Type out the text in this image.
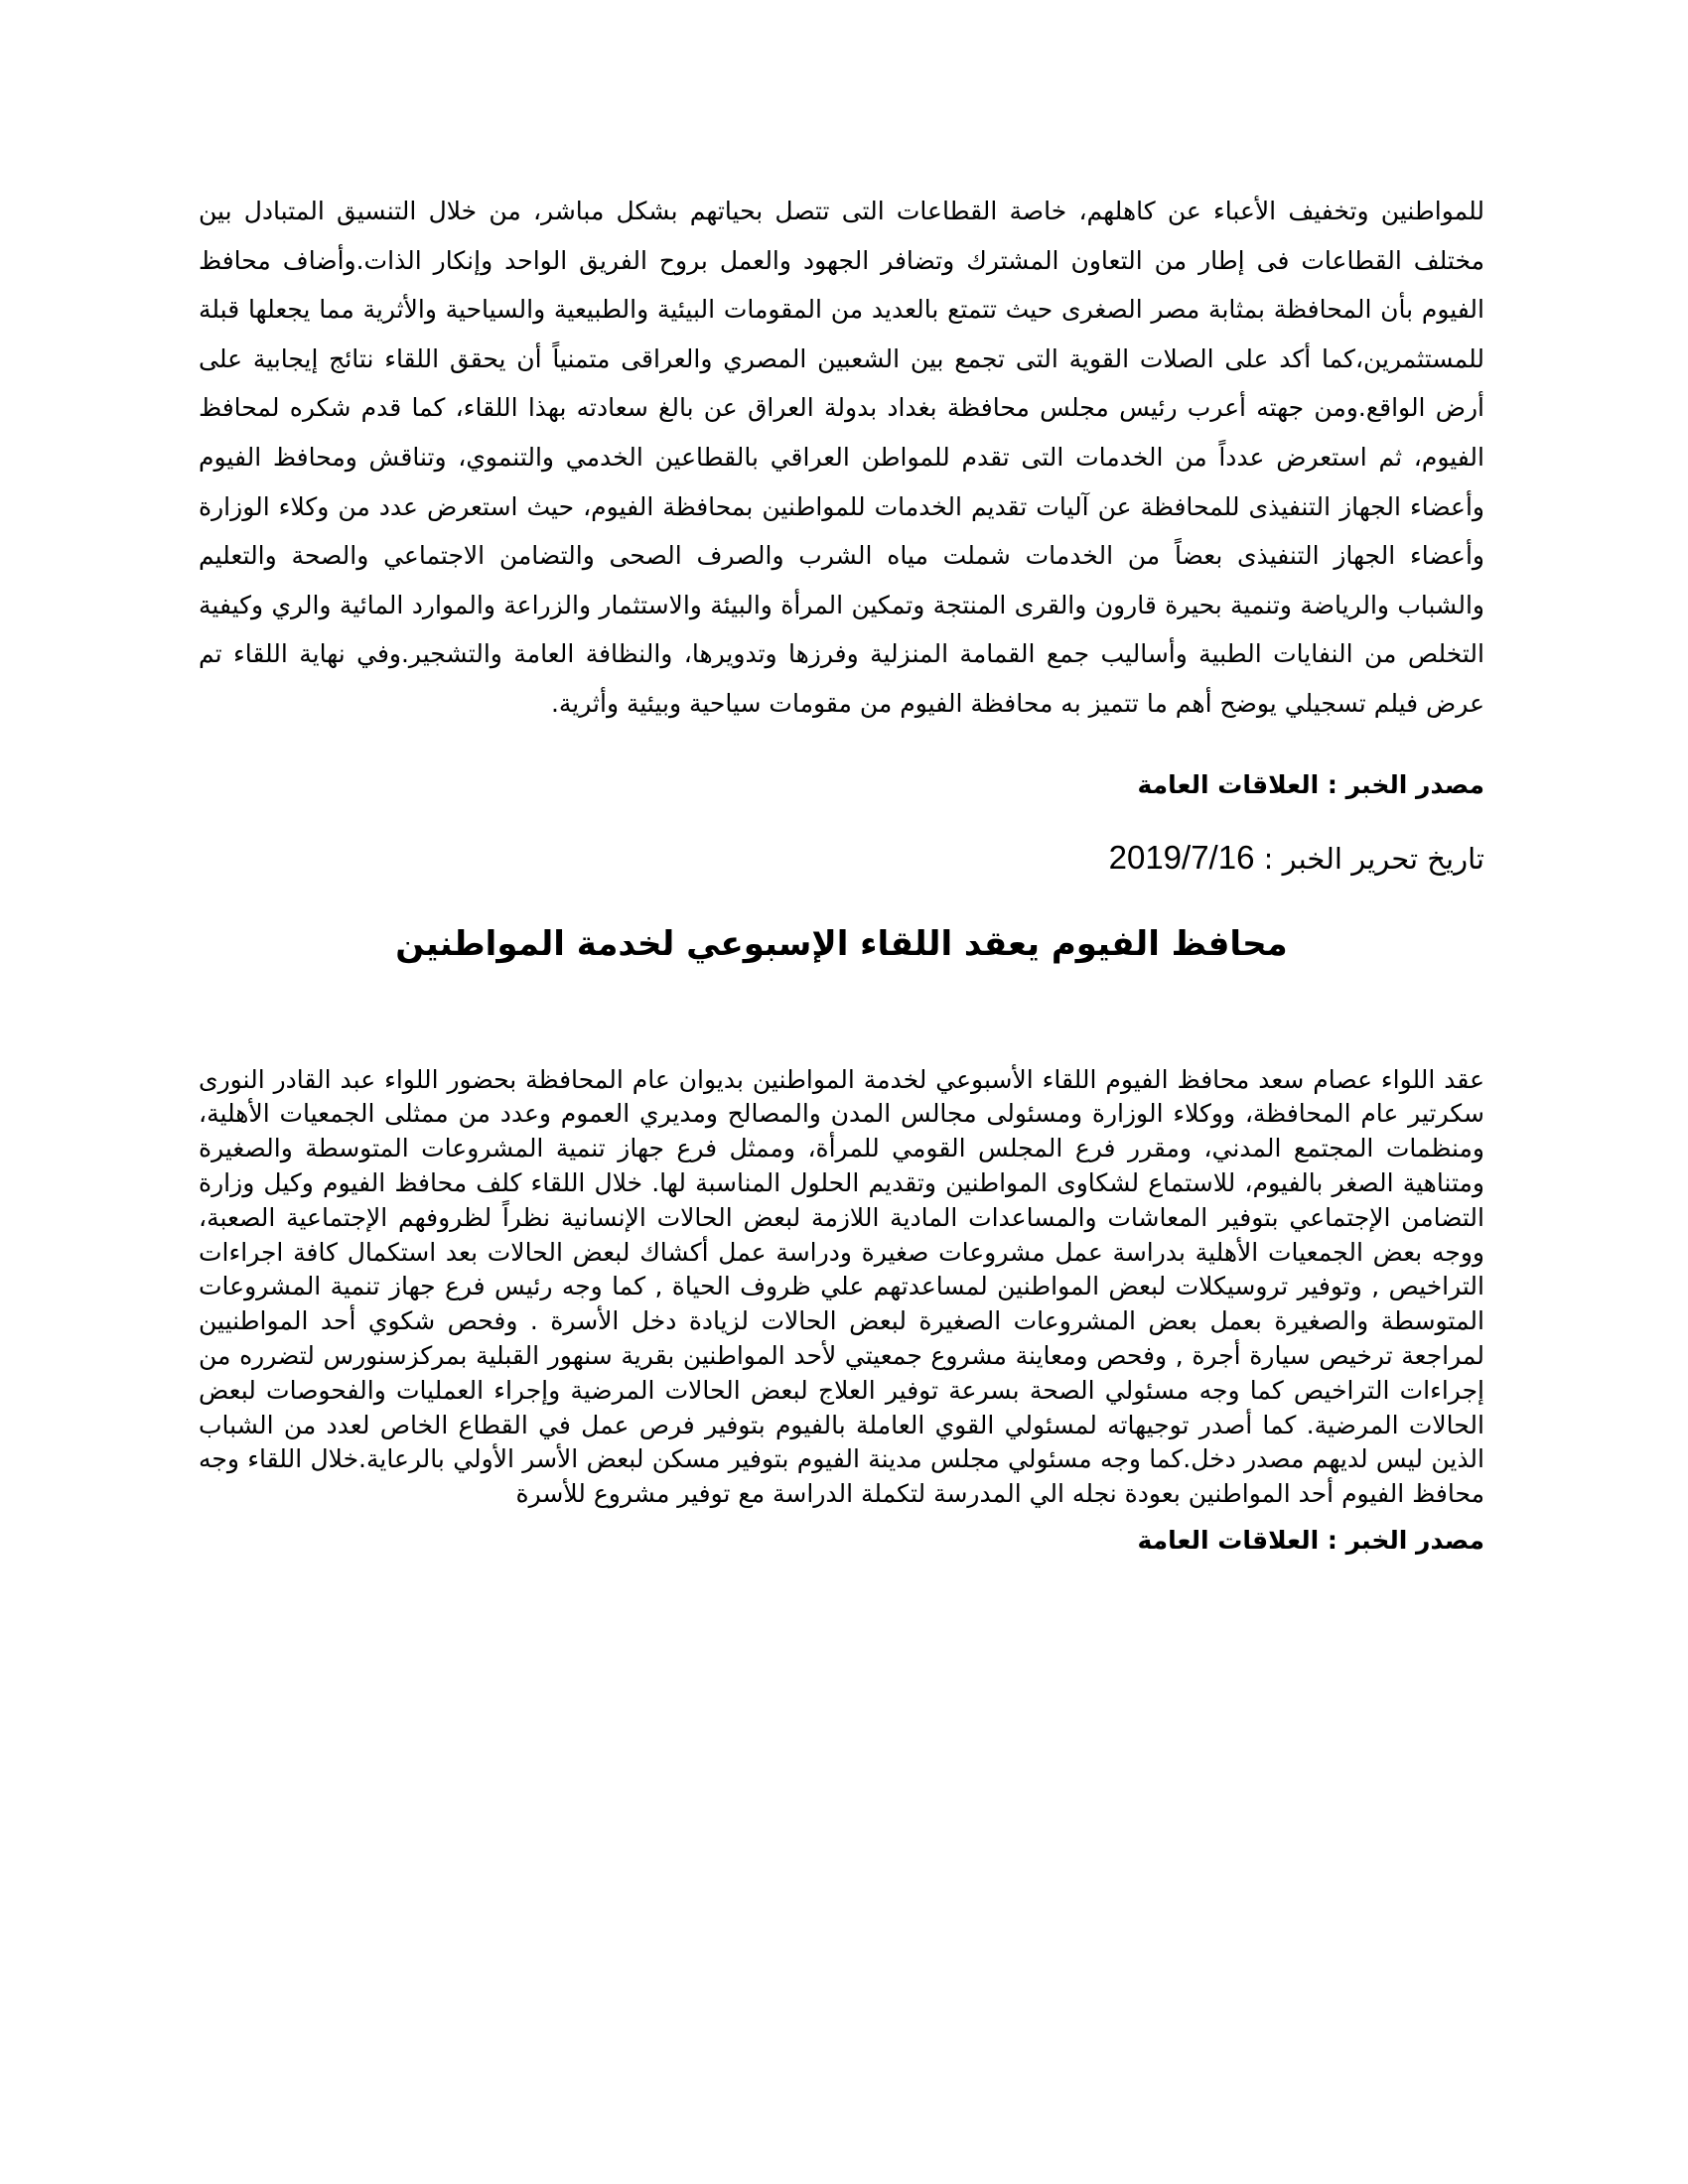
للمواطنين وتخفيف الأعباء عن كاهلهم، خاصة القطاعات التى تتصل بحياتهم بشكل مباشر، من خلال التنسيق المتبادل بين مختلف القطاعات فى إطار من التعاون المشترك وتضافر الجهود والعمل بروح الفريق الواحد وإنكار الذات.وأضاف محافظ الفيوم بأن المحافظة بمثابة مصر الصغرى حيث تتمتع بالعديد من المقومات البيئية والطبيعية والسياحية والأثرية مما يجعلها قبلة للمستثمرين،كما أكد على الصلات القوية التى تجمع بين الشعبين المصري والعراقى متمنياً أن يحقق اللقاء نتائج إيجابية على أرض الواقع.ومن جهته أعرب رئيس مجلس محافظة بغداد بدولة العراق عن بالغ سعادته بهذا اللقاء، كما قدم شكره لمحافظ الفيوم، ثم استعرض عدداً من الخدمات التى تقدم للمواطن العراقي بالقطاعين الخدمي والتنموي، وتناقش ومحافظ الفيوم وأعضاء الجهاز التنفيذى للمحافظة عن آليات تقديم الخدمات للمواطنين بمحافظة الفيوم، حيث استعرض عدد من وكلاء الوزارة وأعضاء الجهاز التنفيذى بعضاً من الخدمات شملت مياه الشرب والصرف الصحى والتضامن الاجتماعي والصحة والتعليم والشباب والرياضة وتنمية بحيرة قارون والقرى المنتجة وتمكين المرأة والبيئة والاستثمار والزراعة والموارد المائية والري وكيفية التخلص من النفايات الطبية وأساليب جمع القمامة المنزلية وفرزها وتدويرها، والنظافة العامة والتشجير.وفي نهاية اللقاء تم عرض فيلم تسجيلي يوضح أهم ما تتميز به محافظة الفيوم من مقومات سياحية وبيئية وأثرية.

مصدر الخبر : العلاقات العامة

تاريخ تحرير الخبر : 2019/7/16

محافظ الفيوم يعقد اللقاء الإسبوعي لخدمة المواطنين

عقد اللواء عصام سعد محافظ الفيوم اللقاء الأسبوعي لخدمة المواطنين بديوان عام المحافظة بحضور اللواء عبد القادر النورى سكرتير عام المحافظة، ووكلاء الوزارة ومسئولى مجالس المدن والمصالح ومديري العموم وعدد من ممثلى الجمعيات الأهلية، ومنظمات المجتمع المدني، ومقرر فرع المجلس القومي للمرأة، وممثل فرع جهاز تنمية المشروعات المتوسطة والصغيرة ومتناهية الصغر بالفيوم، للاستماع لشكاوى المواطنين وتقديم الحلول المناسبة لها. خلال اللقاء كلف محافظ الفيوم وكيل وزارة التضامن الإجتماعي بتوفير المعاشات والمساعدات المادية اللازمة لبعض الحالات الإنسانية نظراً لظروفهم الإجتماعية الصعبة، ووجه بعض الجمعيات الأهلية بدراسة عمل مشروعات صغيرة ودراسة عمل أكشاك لبعض الحالات بعد استكمال كافة اجراءات التراخيص , وتوفير تروسيكلات لبعض المواطنين لمساعدتهم علي ظروف الحياة , كما وجه رئيس فرع جهاز تنمية المشروعات المتوسطة والصغيرة بعمل بعض المشروعات الصغيرة لبعض الحالات لزيادة دخل الأسرة . وفحص شكوي أحد المواطنيين لمراجعة ترخيص سيارة أجرة , وفحص ومعاينة مشروع جمعيتي لأحد المواطنين بقرية سنهور القبلية بمركزسنورس لتضرره من إجراءات التراخيص كما وجه مسئولي الصحة بسرعة توفير العلاج لبعض الحالات المرضية وإجراء العمليات والفحوصات لبعض الحالات المرضية. كما أصدر توجيهاته لمسئولي القوي العاملة بالفيوم بتوفير فرص عمل في القطاع الخاص لعدد من الشباب الذين ليس لديهم مصدر دخل.كما وجه مسئولي مجلس مدينة الفيوم بتوفير مسكن لبعض الأسر الأولي بالرعاية.خلال اللقاء وجه محافظ الفيوم أحد المواطنين بعودة نجله الي المدرسة لتكملة الدراسة مع توفير مشروع للأسرة

مصدر الخبر : العلاقات العامة
